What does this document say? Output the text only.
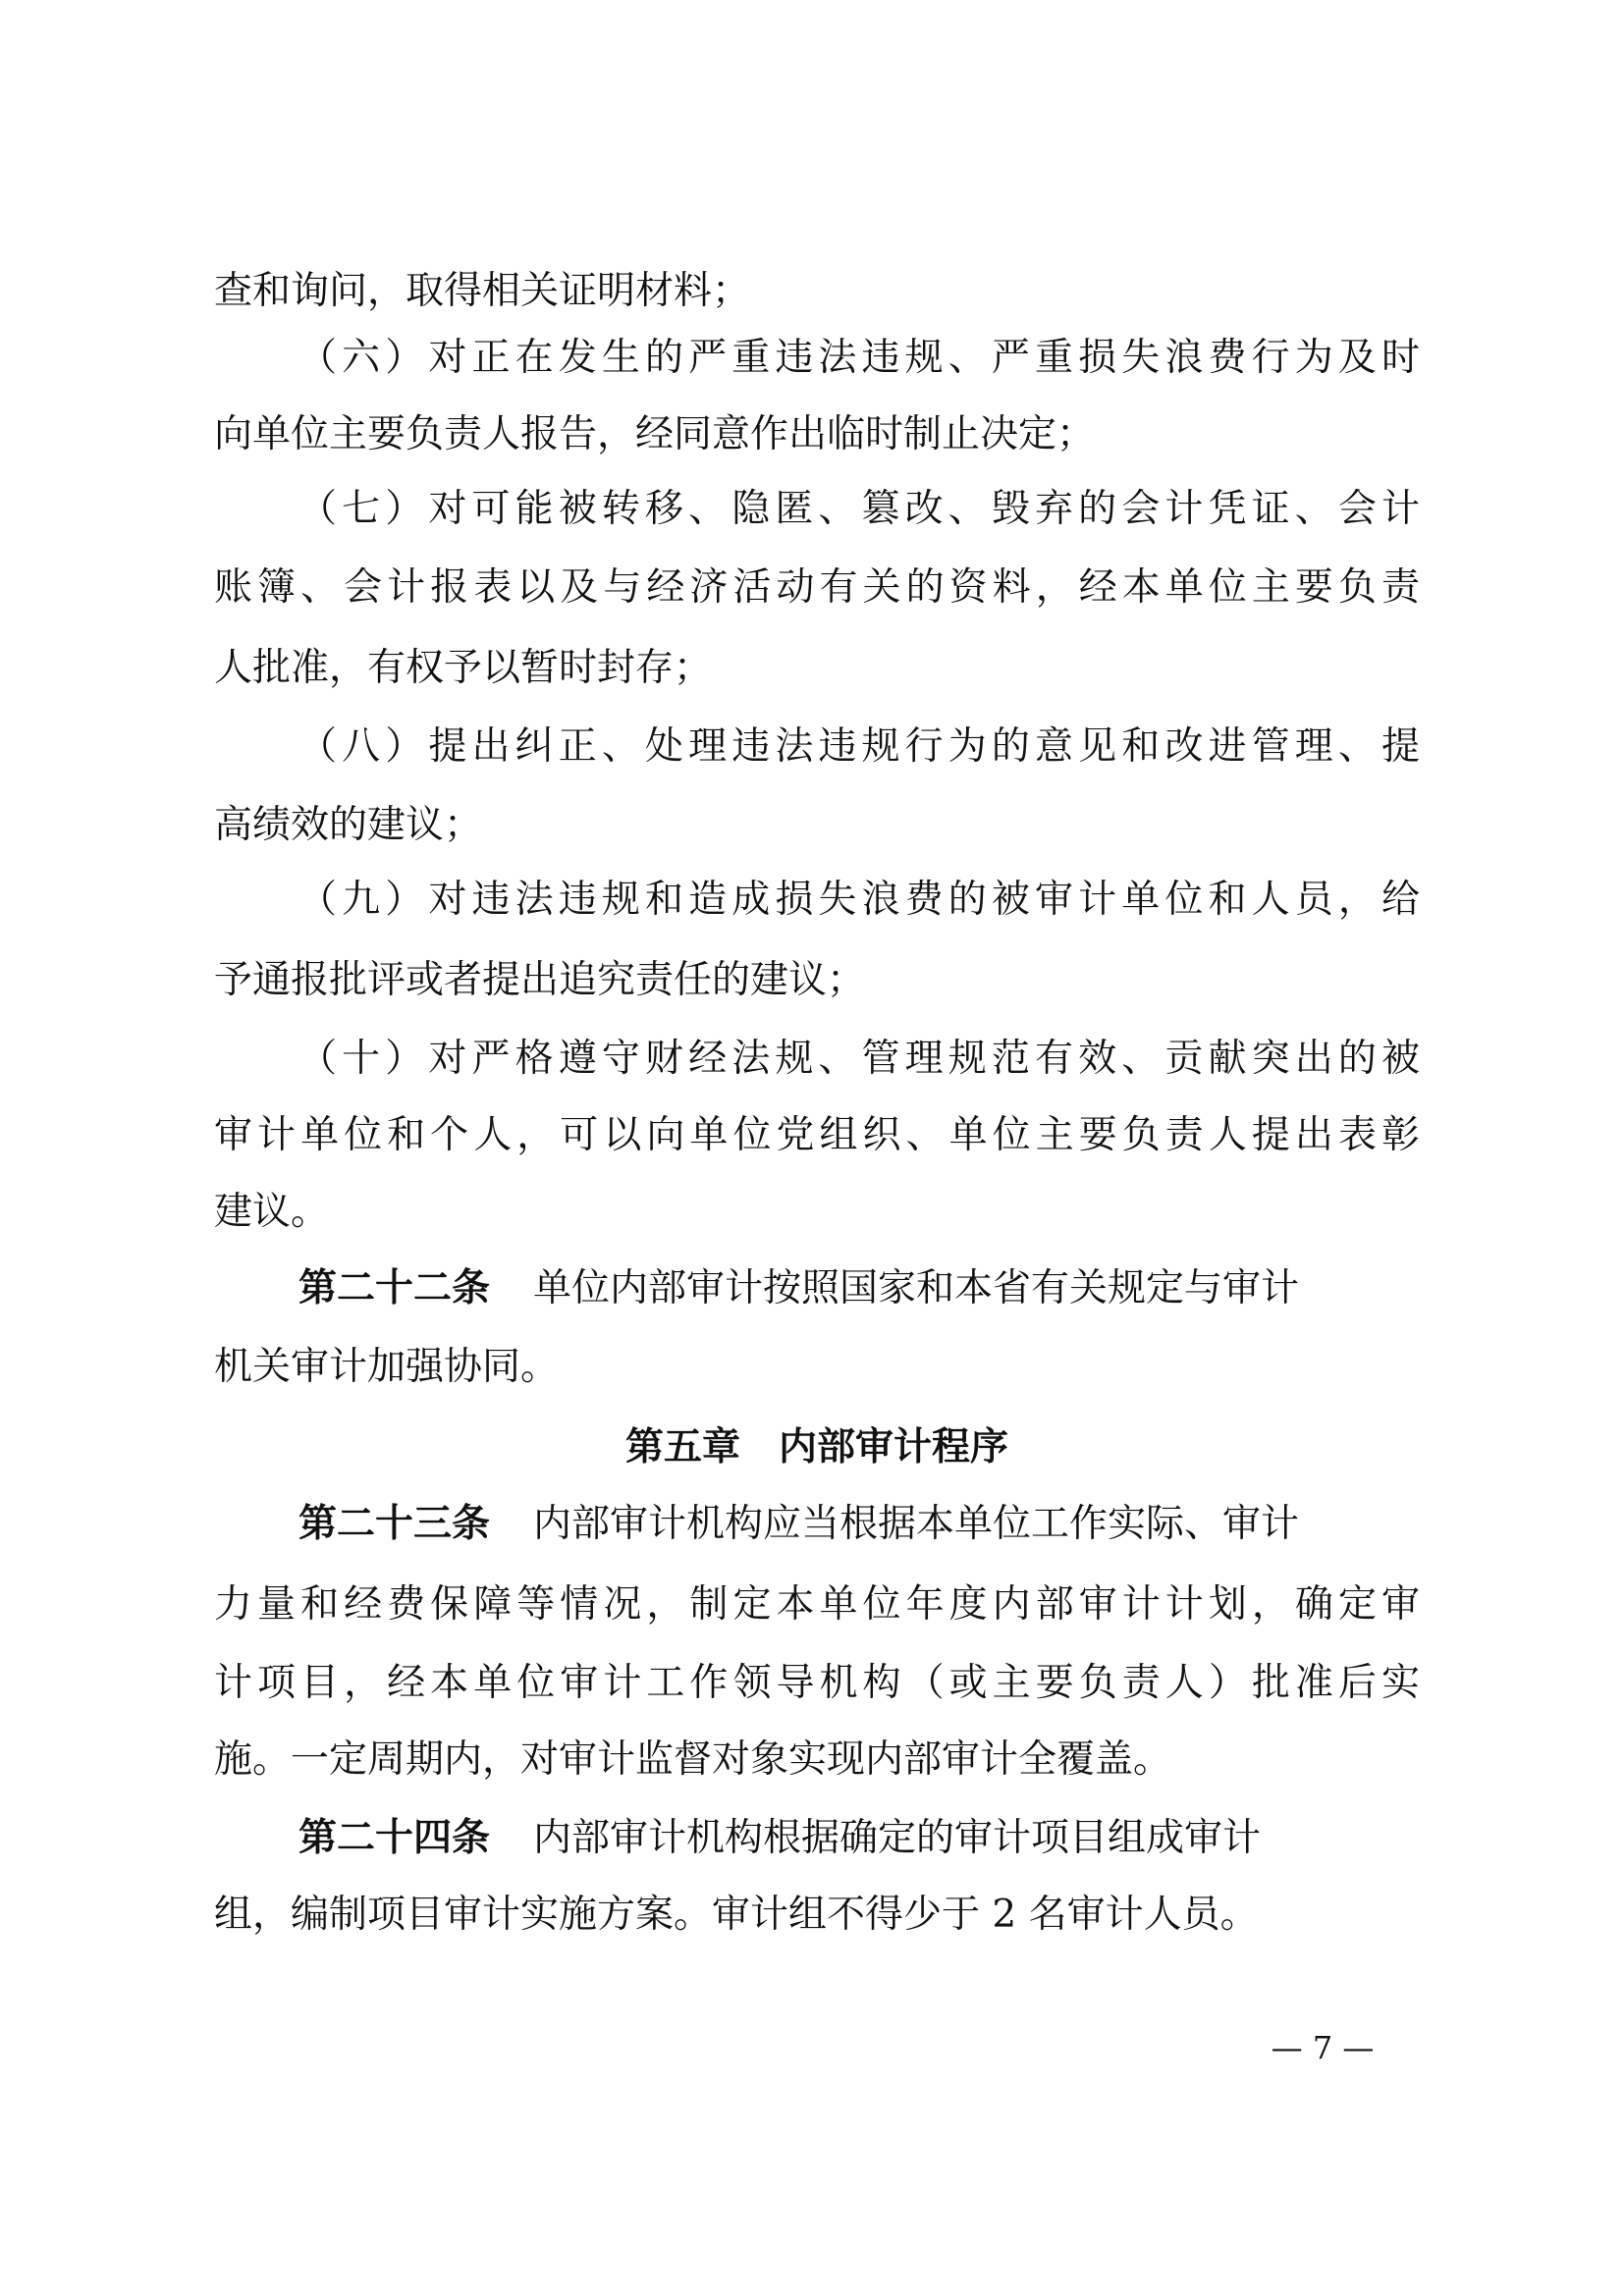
查和询问，取得相关证明材料；
（六）对正在发生的严重违法违规、严重损失浪费行为及时
向单位主要负责人报告，经同意作出临时制止决定；
（七）对可能被转移、隐匿、篡改、毁弃的会计凭证、会计
账簿、会计报表以及与经济活动有关的资料，经本单位主要负责
人批准，有权予以暂时封存；
（八）提出纠正、处理违法违规行为的意见和改进管理、提
高绩效的建议；
（九）对违法违规和造成损失浪费的被审计单位和人员，给
予通报批评或者提出追究责任的建议；
（十）对严格遵守财经法规、管理规范有效、贡献突出的被
审计单位和个人，可以向单位党组织、单位主要负责人提出表彰
建议。
第二十二条 单位内部审计按照国家和本省有关规定与审计
机关审计加强协同。
第五章　内部审计程序
第二十三条 内部审计机构应当根据本单位工作实际、审计
力量和经费保障等情况，制定本单位年度内部审计计划，确定审
计项目，经本单位审计工作领导机构（或主要负责人）批准后实
施。一定周期内，对审计监督对象实现内部审计全覆盖。
第二十四条 内部审计机构根据确定的审计项目组成审计
组，编制项目审计实施方案。审计组不得少于 2 名审计人员。
— 7 —
